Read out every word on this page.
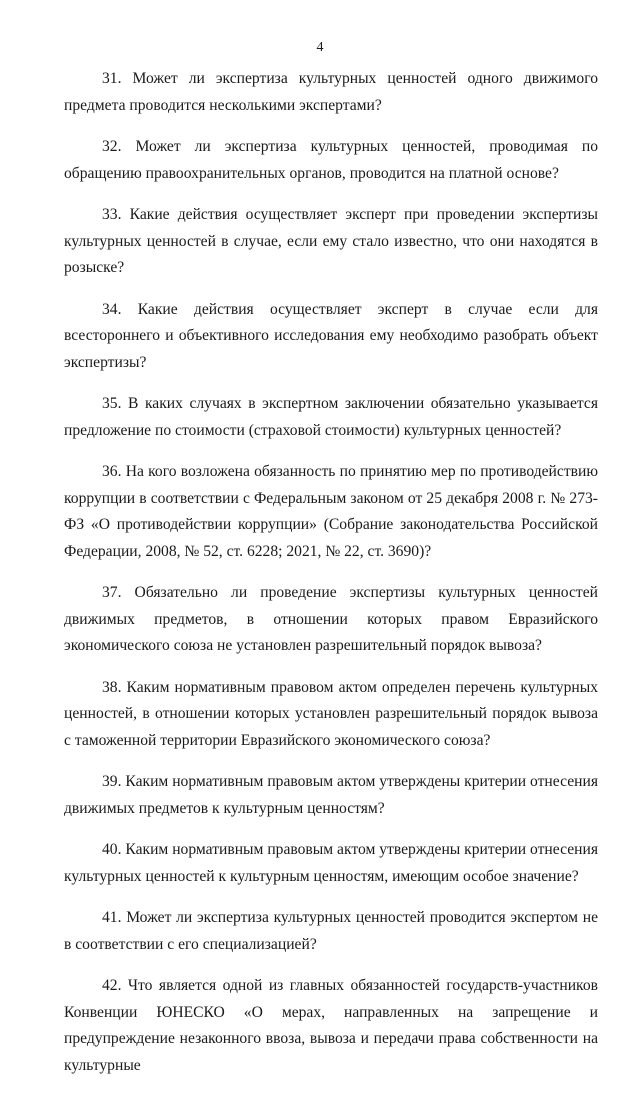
4

31. Может ли экспертиза культурных ценностей одного движимого предмета проводится несколькими экспертами?

32. Может ли экспертиза культурных ценностей, проводимая по обращению правоохранительных органов, проводится на платной основе?

33. Какие действия осуществляет эксперт при проведении экспертизы культурных ценностей в случае, если ему стало известно, что они находятся в розыске?

34. Какие действия осуществляет эксперт в случае если для всестороннего и объективного исследования ему необходимо разобрать объект экспертизы?

35. В каких случаях в экспертном заключении обязательно указывается предложение по стоимости (страховой стоимости) культурных ценностей?

36. На кого возложена обязанность по принятию мер по противодействию коррупции в соответствии с Федеральным законом от 25 декабря 2008 г. № 273- ФЗ «О противодействии коррупции» (Собрание законодательства Российской Федерации, 2008, № 52, ст. 6228; 2021, № 22, ст. 3690)?

37. Обязательно ли проведение экспертизы культурных ценностей движимых предметов, в отношении которых правом Евразийского экономического союза не установлен разрешительный порядок вывоза?

38. Каким нормативным правовом актом определен перечень культурных ценностей, в отношении которых установлен разрешительный порядок вывоза с таможенной территории Евразийского экономического союза?

39. Каким нормативным правовым актом утверждены критерии отнесения движимых предметов к культурным ценностям?

40. Каким нормативным правовым актом утверждены критерии отнесения культурных ценностей к культурным ценностям, имеющим особое значение?

41. Может ли экспертиза культурных ценностей проводится экспертом не в соответствии с его специализацией?

42. Что является одной из главных обязанностей государств-участников Конвенции ЮНЕСКО «О мерах, направленных на запрещение и предупреждение незаконного ввоза, вывоза и передачи права собственности на культурные
